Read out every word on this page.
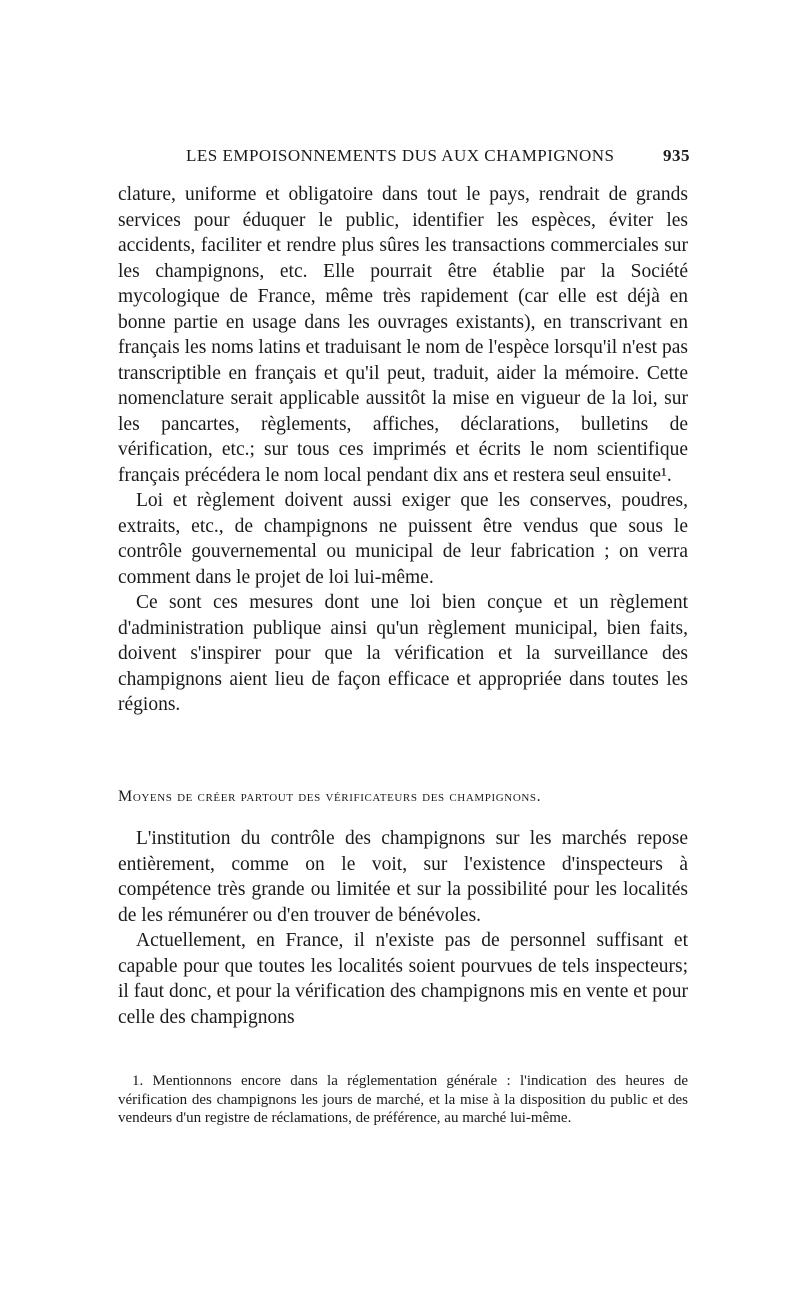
LES EMPOISONNEMENTS DUS AUX CHAMPIGNONS	935

clature, uniforme et obligatoire dans tout le pays, rendrait de grands services pour éduquer le public, identifier les espèces, éviter les accidents, faciliter et rendre plus sûres les transactions commerciales sur les champignons, etc. Elle pourrait être établie par la Société mycologique de France, même très rapidement (car elle est déjà en bonne partie en usage dans les ouvrages existants), en transcrivant en français les noms latins et traduisant le nom de l'espèce lorsqu'il n'est pas transcriptible en français et qu'il peut, traduit, aider la mémoire. Cette nomenclature serait applicable aussitôt la mise en vigueur de la loi, sur les pancartes, règlements, affiches, déclarations, bulletins de vérification, etc.; sur tous ces imprimés et écrits le nom scientifique français précédera le nom local pendant dix ans et restera seul ensuite¹.

Loi et règlement doivent aussi exiger que les conserves, poudres, extraits, etc., de champignons ne puissent être vendus que sous le contrôle gouvernemental ou municipal de leur fabrication ; on verra comment dans le projet de loi lui-même.

Ce sont ces mesures dont une loi bien conçue et un règlement d'administration publique ainsi qu'un règlement municipal, bien faits, doivent s'inspirer pour que la vérification et la surveillance des champignons aient lieu de façon efficace et appropriée dans toutes les régions.

Moyens de créer partout des vérificateurs des champignons.

L'institution du contrôle des champignons sur les marchés repose entièrement, comme on le voit, sur l'existence d'inspecteurs à compétence très grande ou limitée et sur la possibilité pour les localités de les rémunérer ou d'en trouver de bénévoles.

Actuellement, en France, il n'existe pas de personnel suffisant et capable pour que toutes les localités soient pourvues de tels inspecteurs; il faut donc, et pour la vérification des champignons mis en vente et pour celle des champignons

1. Mentionnons encore dans la réglementation générale : l'indication des heures de vérification des champignons les jours de marché, et la mise à la disposition du public et des vendeurs d'un registre de réclamations, de préférence, au marché lui-même.
